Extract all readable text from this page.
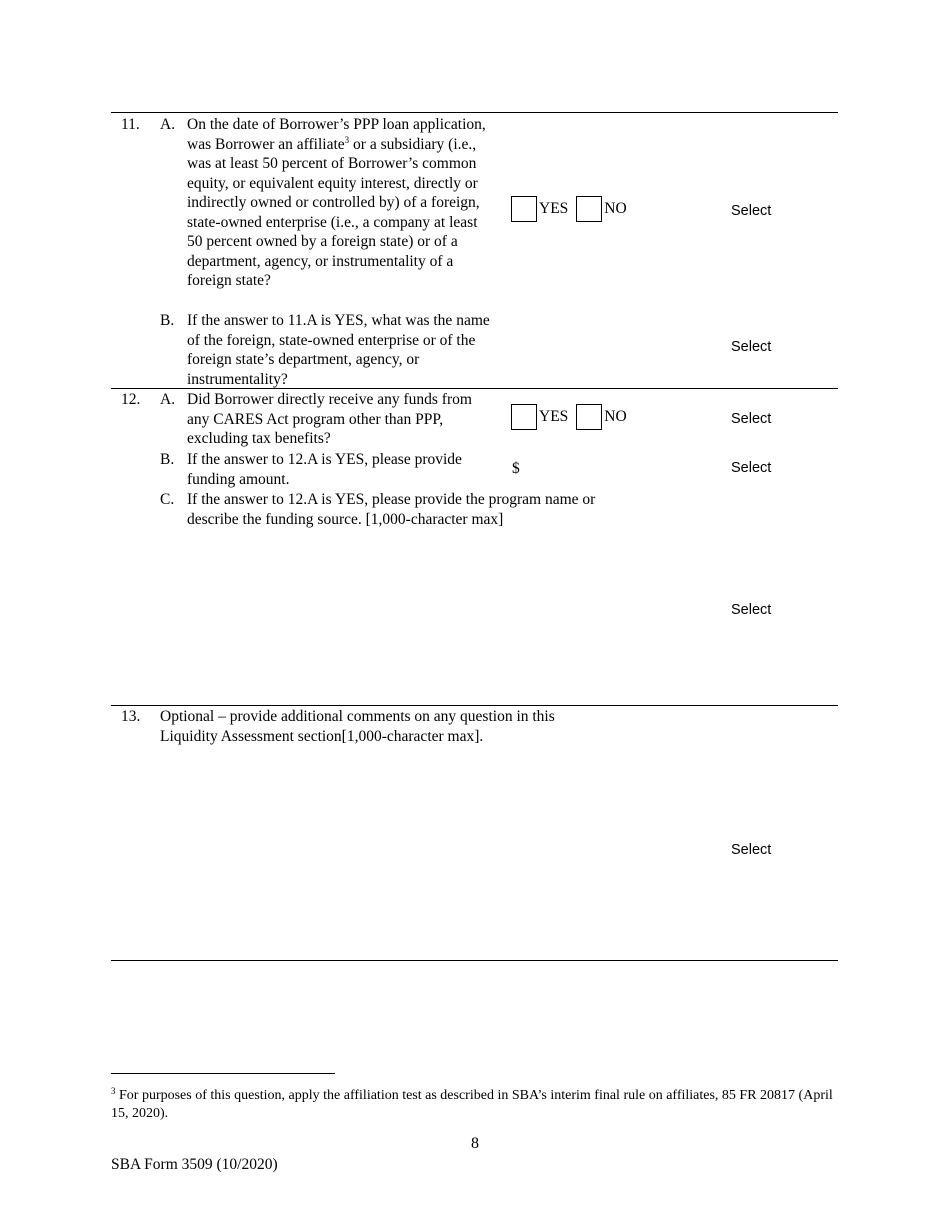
11. A. On the date of Borrower’s PPP loan application, was Borrower an affiliate$^3$ or a subsidiary (i.e., was at least 50 percent of Borrower’s common equity, or equivalent equity interest, directly or indirectly owned or controlled by) of a foreign, state-owned enterprise (i.e., a company at least 50 percent owned by a foreign state) or of a department, agency, or instrumentality of a foreign state?
YES NO	Select
B. If the answer to 11.A is YES, what was the name of the foreign, state-owned enterprise or of the foreign state’s department, agency, or instrumentality?
Select
12. A. Did Borrower directly receive any funds from any CARES Act program other than PPP, excluding tax benefits?
YES NO	Select
B. If the answer to 12.A is YES, please provide funding amount.
$	Select
C. If the answer to 12.A is YES, please provide the program name or describe the funding source. [1,000-character max]
Select
13. Optional – provide additional comments on any question in this Liquidity Assessment section[1,000-character max].
Select
$^3$ For purposes of this question, apply the affiliation test as described in SBA’s interim final rule on affiliates, 85 FR 20817 (April 15, 2020).
8
SBA Form 3509 (10/2020)
